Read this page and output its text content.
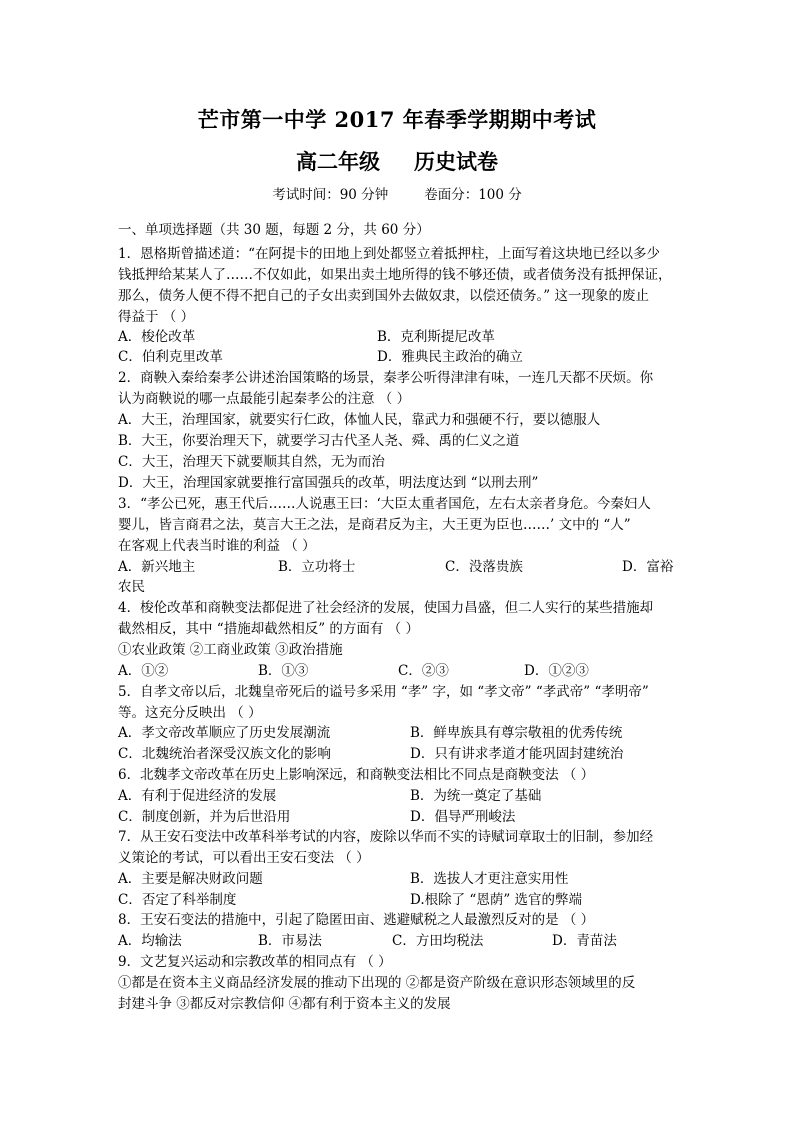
芒市第一中学 2017 年春季学期期中考试
高二年级 历史试卷
考试时间：90 分钟	卷面分：100 分
一、单项选择题（共 30 题，每题 2 分，共 60 分）
1．恩格斯曾描述道：“在阿提卡的田地上到处都竖立着抵押柱，上面写着这块地已经以多少
钱抵押给某某人了……不仅如此，如果出卖土地所得的钱不够还债，或者债务没有抵押保证，
那么，债务人便不得不把自己的子女出卖到国外去做奴隶，以偿还债务。” 这一现象的废止
得益于 （ ）
A．梭伦改革	B．克利斯提尼改革
C．伯利克里改革	D．雅典民主政治的确立
2．商鞅入秦给秦孝公讲述治国策略的场景，秦孝公听得津津有味，一连几天都不厌烦。你
认为商鞅说的哪一点最能引起秦孝公的注意 （ ）
A．大王，治理国家，就要实行仁政，体恤人民，靠武力和强硬不行，要以德服人
B．大王，你要治理天下，就要学习古代圣人尧、舜、禹的仁义之道
C．大王，治理天下就要顺其自然，无为而治
D．大王，治理国家就要推行富国强兵的改革，明法度达到 “以刑去刑”
3．“孝公已死，惠王代后……人说惠王曰：‘大臣太重者国危，左右太亲者身危。今秦妇人
婴儿，皆言商君之法，莫言大王之法，是商君反为主，大王更为臣也……’ 文中的 “人”
在客观上代表当时谁的利益 （ ）
A．新兴地主	B．立功将士	C．没落贵族	D．富裕
农民
4．梭伦改革和商鞅变法都促进了社会经济的发展，使国力昌盛，但二人实行的某些措施却
截然相反，其中 “措施却截然相反” 的方面有 （ ）
①农业政策 ②工商业政策 ③政治措施
A．①②	B．①③	C．②③	D．①②③
5．自孝文帝以后，北魏皇帝死后的谥号多采用 “孝” 字，如 “孝文帝” “孝武帝” “孝明帝”
等。这充分反映出 （ ）
A．孝文帝改革顺应了历史发展潮流	B．鲜卑族具有尊宗敬祖的优秀传统
C．北魏统治者深受汉族文化的影响	D．只有讲求孝道才能巩固封建统治
6．北魏孝文帝改革在历史上影响深远，和商鞅变法相比不同点是商鞅变法 （ ）
A．有利于促进经济的发展	B．为统一奠定了基础
C．制度创新，并为后世沿用	D．倡导严刑峻法
7．从王安石变法中改革科举考试的内容，废除以华而不实的诗赋词章取士的旧制，参加经
义策论的考试，可以看出王安石变法 （ ）
A．主要是解决财政问题	B．选拔人才更注意实用性
C．否定了科举制度	D.根除了 “恩荫” 选官的弊端
8．王安石变法的措施中，引起了隐匿田亩、逃避赋税之人最激烈反对的是 （ ）
A．均输法	B．市易法	C．方田均税法	D．青苗法
9．文艺复兴运动和宗教改革的相同点有 （ ）
①都是在资本主义商品经济发展的推动下出现的 ②都是资产阶级在意识形态领域里的反
封建斗争 ③都反对宗教信仰 ④都有利于资本主义的发展
